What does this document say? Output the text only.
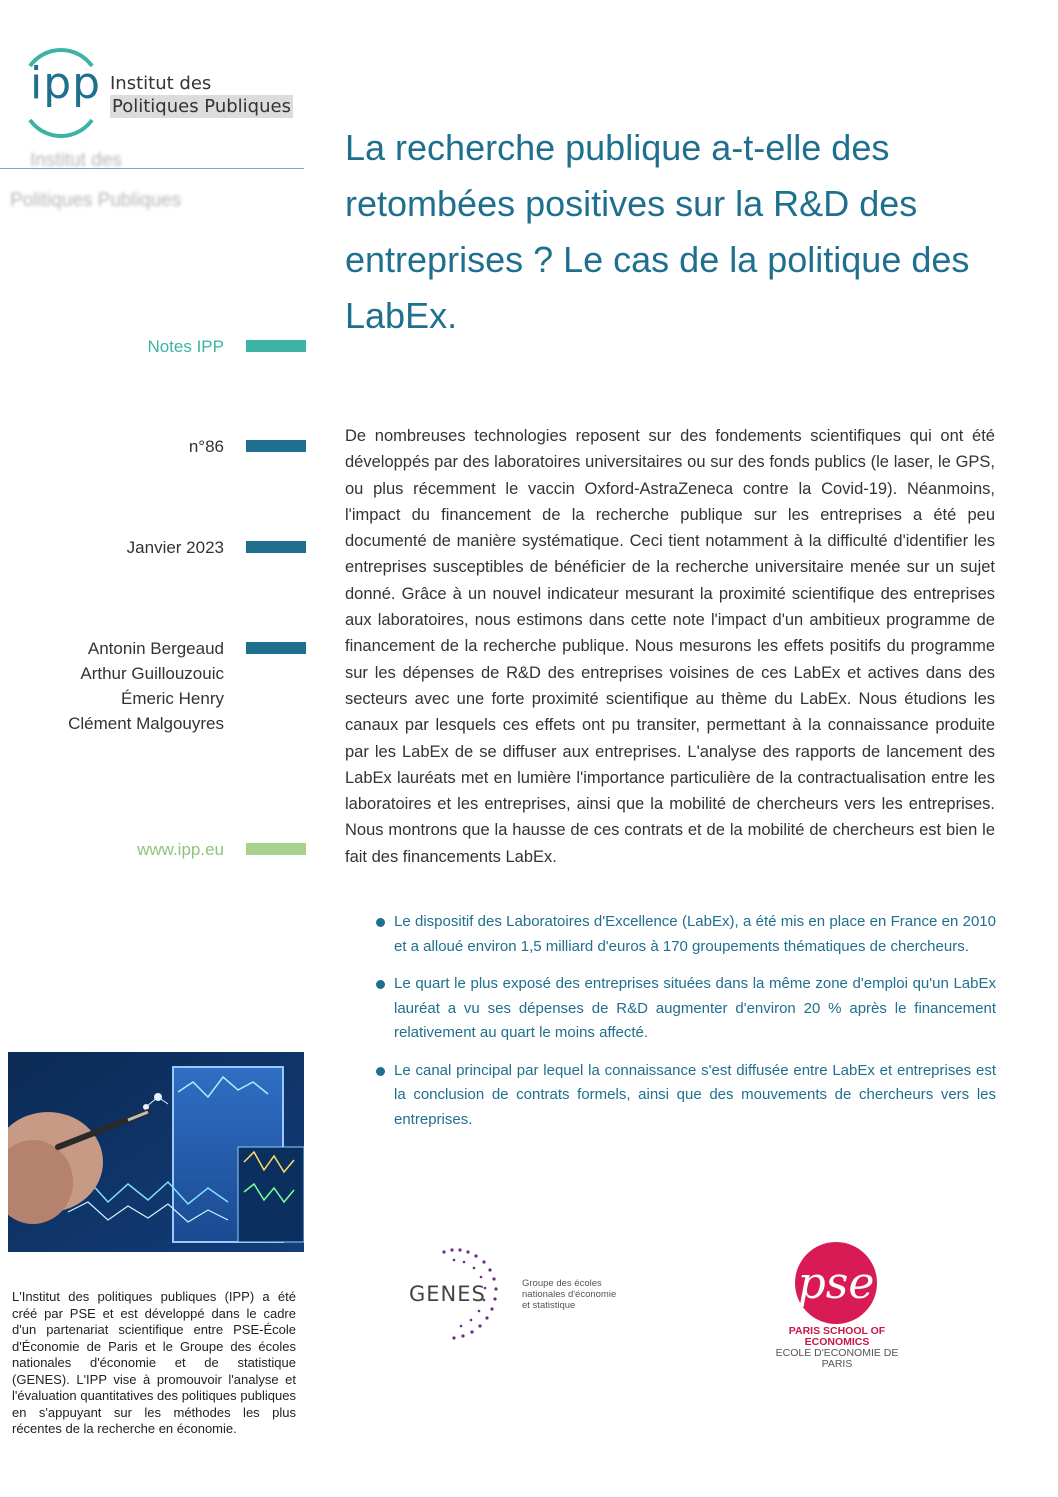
ipp Institut des
Politiques Publiques
Institut des
Politiques Publiques
La recherche publique a-t-elle des retombées positives sur la R&D des entreprises ? Le cas de la politique des LabEx.
Notes IPP
n°86
Janvier 2023
Antonin Bergeaud
Arthur Guillouzouic
Émeric Henry
Clément Malgouyres
www.ipp.eu

De nombreuses technologies reposent sur des fondements scientifiques qui ont été développés par des laboratoires universitaires ou sur des fonds publics (le laser, le GPS, ou plus récemment le vaccin Oxford-AstraZeneca contre la Covid-19). Néanmoins, l'impact du financement de la recherche publique sur les entreprises a été peu documenté de manière systématique. Ceci tient notamment à la difficulté d'identifier les entreprises susceptibles de bénéficier de la recherche universitaire menée sur un sujet donné. Grâce à un nouvel indicateur mesurant la proximité scientifique des entreprises aux laboratoires, nous estimons dans cette note l'impact d'un ambitieux programme de financement de la recherche publique. Nous mesurons les effets positifs du programme sur les dépenses de R&D des entreprises voisines de ces LabEx et actives dans des secteurs avec une forte proximité scientifique au thème du LabEx. Nous étudions les canaux par lesquels ces effets ont pu transiter, permettant à la connaissance produite par les LabEx de se diffuser aux entreprises. L'analyse des rapports de lancement des LabEx lauréats met en lumière l'importance particulière de la contractualisation entre les laboratoires et les entreprises, ainsi que la mobilité de chercheurs vers les entreprises. Nous montrons que la hausse de ces contrats et de la mobilité de chercheurs est bien le fait des financements LabEx.

Le dispositif des Laboratoires d'Excellence (LabEx), a été mis en place en France en 2010 et a alloué environ 1,5 milliard d'euros à 170 groupements thématiques de chercheurs.
Le quart le plus exposé des entreprises situées dans la même zone d'emploi qu'un LabEx lauréat a vu ses dépenses de R&D augmenter d'environ 20 % après le financement relativement au quart le moins affecté.
Le canal principal par lequel la connaissance s'est diffusée entre LabEx et entreprises est la conclusion de contrats formels, ainsi que des mouvements de chercheurs vers les entreprises.

L'Institut des politiques publiques (IPP) a été créé par PSE et est développé dans le cadre d'un partenariat scientifique entre PSE-École d'Économie de Paris et le Groupe des écoles nationales d'économie et de statistique (GENES). L'IPP vise à promouvoir l'analyse et l'évaluation quantitatives des politiques publiques en s'appuyant sur les méthodes les plus récentes de la recherche en économie.

GENES	Groupe des écoles
nationales d'économie
et statistique	pse
PARIS SCHOOL OF ECONOMICS
ECOLE D'ECONOMIE DE PARIS
